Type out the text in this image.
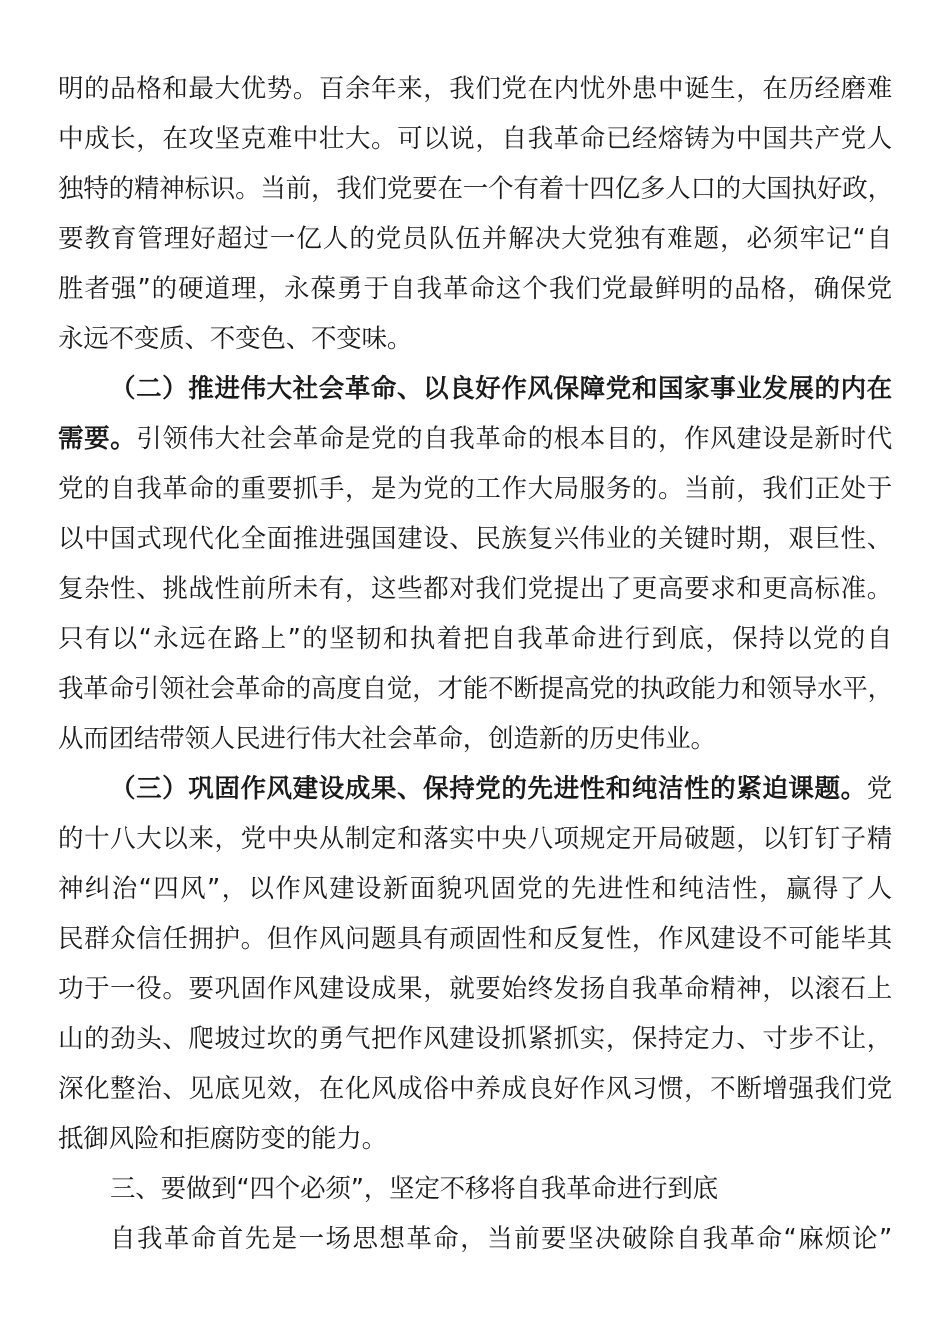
明的品格和最大优势。百余年来，我们党在内忧外患中诞生，在历经磨难
中成长，在攻坚克难中壮大。可以说，自我革命已经熔铸为中国共产党人
独特的精神标识。当前，我们党要在一个有着十四亿多人口的大国执好政，
要教育管理好超过一亿人的党员队伍并解决大党独有难题，必须牢记“自
胜者强”的硬道理，永葆勇于自我革命这个我们党最鲜明的品格，确保党
永远不变质、不变色、不变味。
（二）推进伟大社会革命、以良好作风保障党和国家事业发展的内在
需要。引领伟大社会革命是党的自我革命的根本目的，作风建设是新时代
党的自我革命的重要抓手，是为党的工作大局服务的。当前，我们正处于
以中国式现代化全面推进强国建设、民族复兴伟业的关键时期，艰巨性、
复杂性、挑战性前所未有，这些都对我们党提出了更高要求和更高标准。
只有以“永远在路上”的坚韧和执着把自我革命进行到底，保持以党的自
我革命引领社会革命的高度自觉，才能不断提高党的执政能力和领导水平，
从而团结带领人民进行伟大社会革命，创造新的历史伟业。
（三）巩固作风建设成果、保持党的先进性和纯洁性的紧迫课题。党
的十八大以来，党中央从制定和落实中央八项规定开局破题，以钉钉子精
神纠治“四风”，以作风建设新面貌巩固党的先进性和纯洁性，赢得了人
民群众信任拥护。但作风问题具有顽固性和反复性，作风建设不可能毕其
功于一役。要巩固作风建设成果，就要始终发扬自我革命精神，以滚石上
山的劲头、爬坡过坎的勇气把作风建设抓紧抓实，保持定力、寸步不让，
深化整治、见底见效，在化风成俗中养成良好作风习惯，不断增强我们党
抵御风险和拒腐防变的能力。
三、要做到“四个必须”，坚定不移将自我革命进行到底
自我革命首先是一场思想革命，当前要坚决破除自我革命“麻烦论”
